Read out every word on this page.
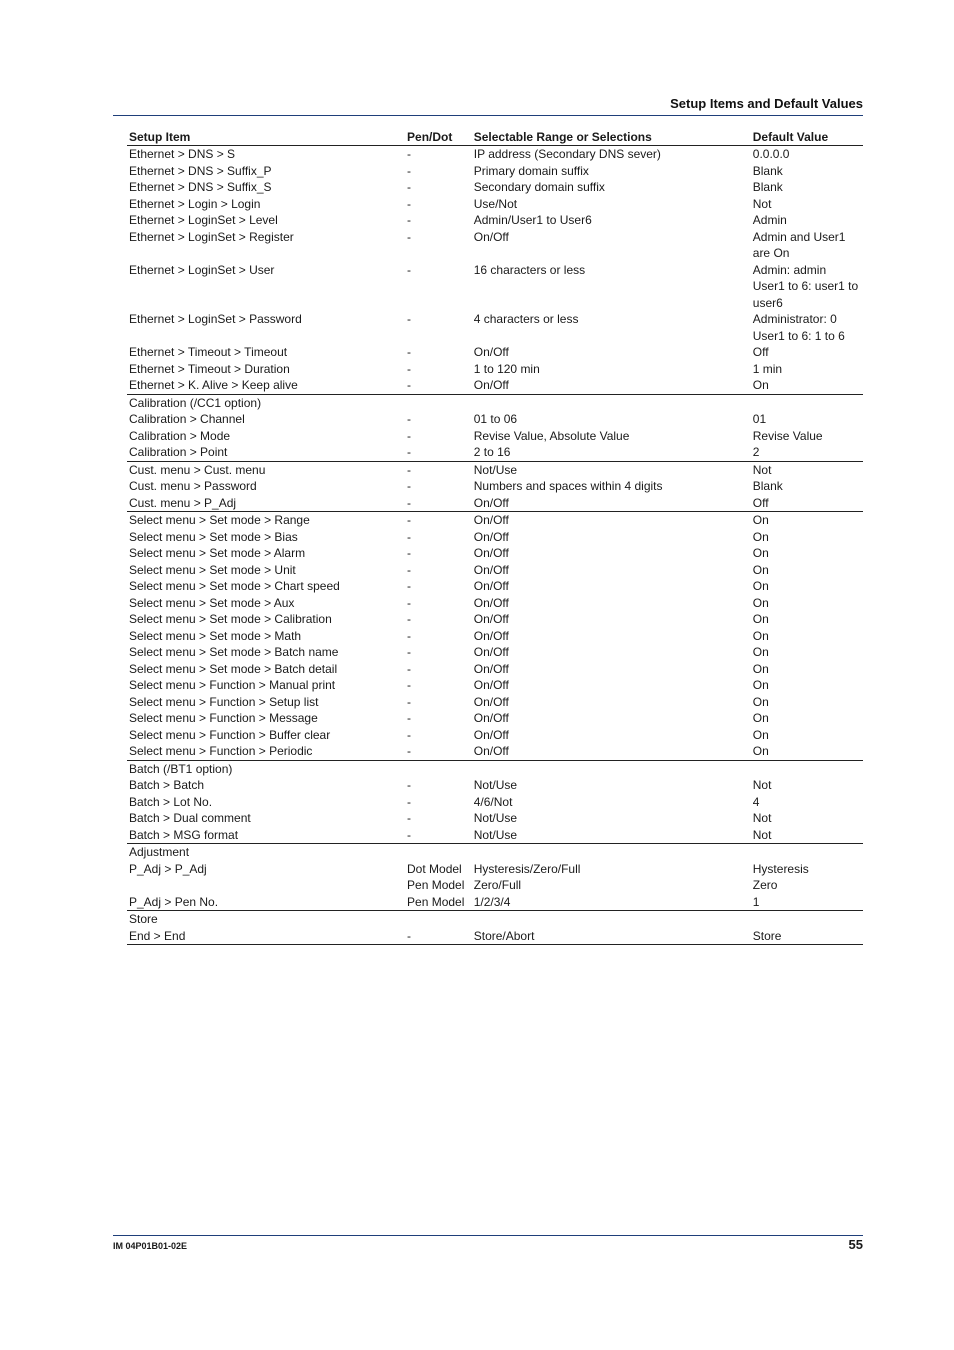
Setup Items and Default Values
Setup Item	Pen/Dot	Selectable Range or Selections	Default Value
Ethernet > DNS > S	-	IP address (Secondary DNS sever)	0.0.0.0
Ethernet > DNS > Suffix_P	-	Primary domain suffix	Blank
Ethernet > DNS > Suffix_S	-	Secondary domain suffix	Blank
Ethernet > Login > Login	-	Use/Not	Not
Ethernet > LoginSet > Level	-	Admin/User1 to User6	Admin
Ethernet > LoginSet > Register	-	On/Off	Admin and User1 are On
Ethernet > LoginSet > User	-	16 characters or less	Admin: admin User1 to 6: user1 to user6
Ethernet > LoginSet > Password	-	4 characters or less	Administrator: 0 User1 to 6: 1 to 6
Ethernet > Timeout > Timeout	-	On/Off	Off
Ethernet > Timeout > Duration	-	1 to 120 min	1 min
Ethernet > K. Alive > Keep alive	-	On/Off	On
Calibration (/CC1 option)			
Calibration > Channel	-	01 to 06	01
Calibration > Mode	-	Revise Value, Absolute Value	Revise Value
Calibration > Point	-	2 to 16	2
Cust. menu > Cust. menu	-	Not/Use	Not
Cust. menu > Password	-	Numbers and spaces within 4 digits	Blank
Cust. menu > P_Adj	-	On/Off	Off
Select menu > Set mode > Range	-	On/Off	On
Select menu > Set mode > Bias	-	On/Off	On
Select menu > Set mode > Alarm	-	On/Off	On
Select menu > Set mode > Unit	-	On/Off	On
Select menu > Set mode > Chart speed	-	On/Off	On
Select menu > Set mode > Aux	-	On/Off	On
Select menu > Set mode > Calibration	-	On/Off	On
Select menu > Set mode > Math	-	On/Off	On
Select menu > Set mode > Batch name	-	On/Off	On
Select menu > Set mode > Batch detail	-	On/Off	On
Select menu > Function > Manual print	-	On/Off	On
Select menu > Function > Setup list	-	On/Off	On
Select menu > Function > Message	-	On/Off	On
Select menu > Function > Buffer clear	-	On/Off	On
Select menu > Function > Periodic	-	On/Off	On
Batch (/BT1 option)			
Batch > Batch	-	Not/Use	Not
Batch > Lot No.	-	4/6/Not	4
Batch > Dual comment	-	Not/Use	Not
Batch > MSG format	-	Not/Use	Not
Adjustment			
P_Adj > P_Adj	Dot Model	Hysteresis/Zero/Full	Hysteresis
	Pen Model	Zero/Full	Zero
P_Adj > Pen No.	Pen Model	1/2/3/4	1
Store			
End > End	-	Store/Abort	Store
IM 04P01B01-02E	55
